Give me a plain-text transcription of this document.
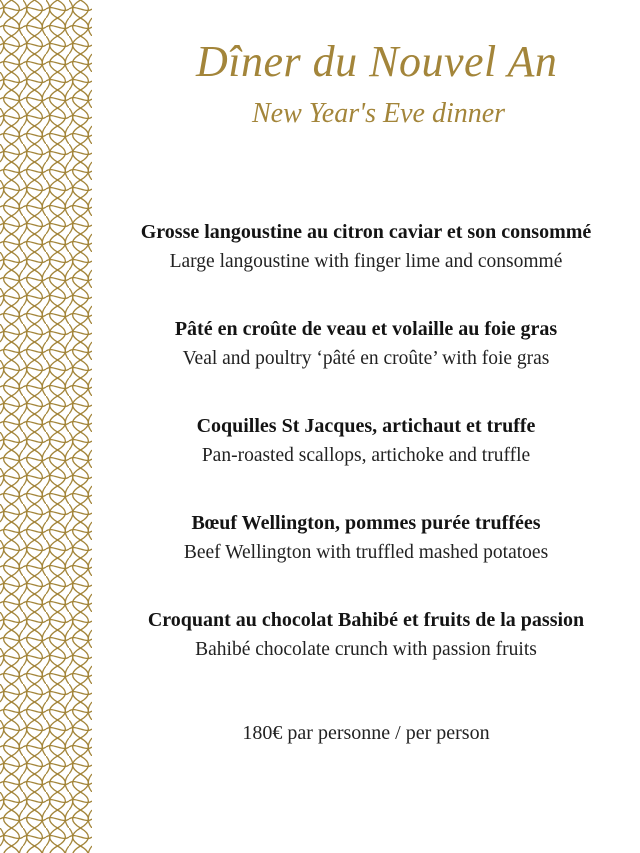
Dîner du Nouvel An
New Year's Eve dinner
Grosse langoustine au citron caviar et son consommé
Large langoustine with finger lime and consommé
Pâté en croûte de veau et volaille au foie gras
Veal and poultry ‘pâté en croûte’ with foie gras
Coquilles St Jacques, artichaut et truffe
Pan-roasted scallops, artichoke and truffle
Bœuf Wellington, pommes purée truffées
Beef Wellington with truffled mashed potatoes
Croquant au chocolat Bahibé et fruits de la passion
Bahibé chocolate crunch with passion fruits
180€ par personne / per person
